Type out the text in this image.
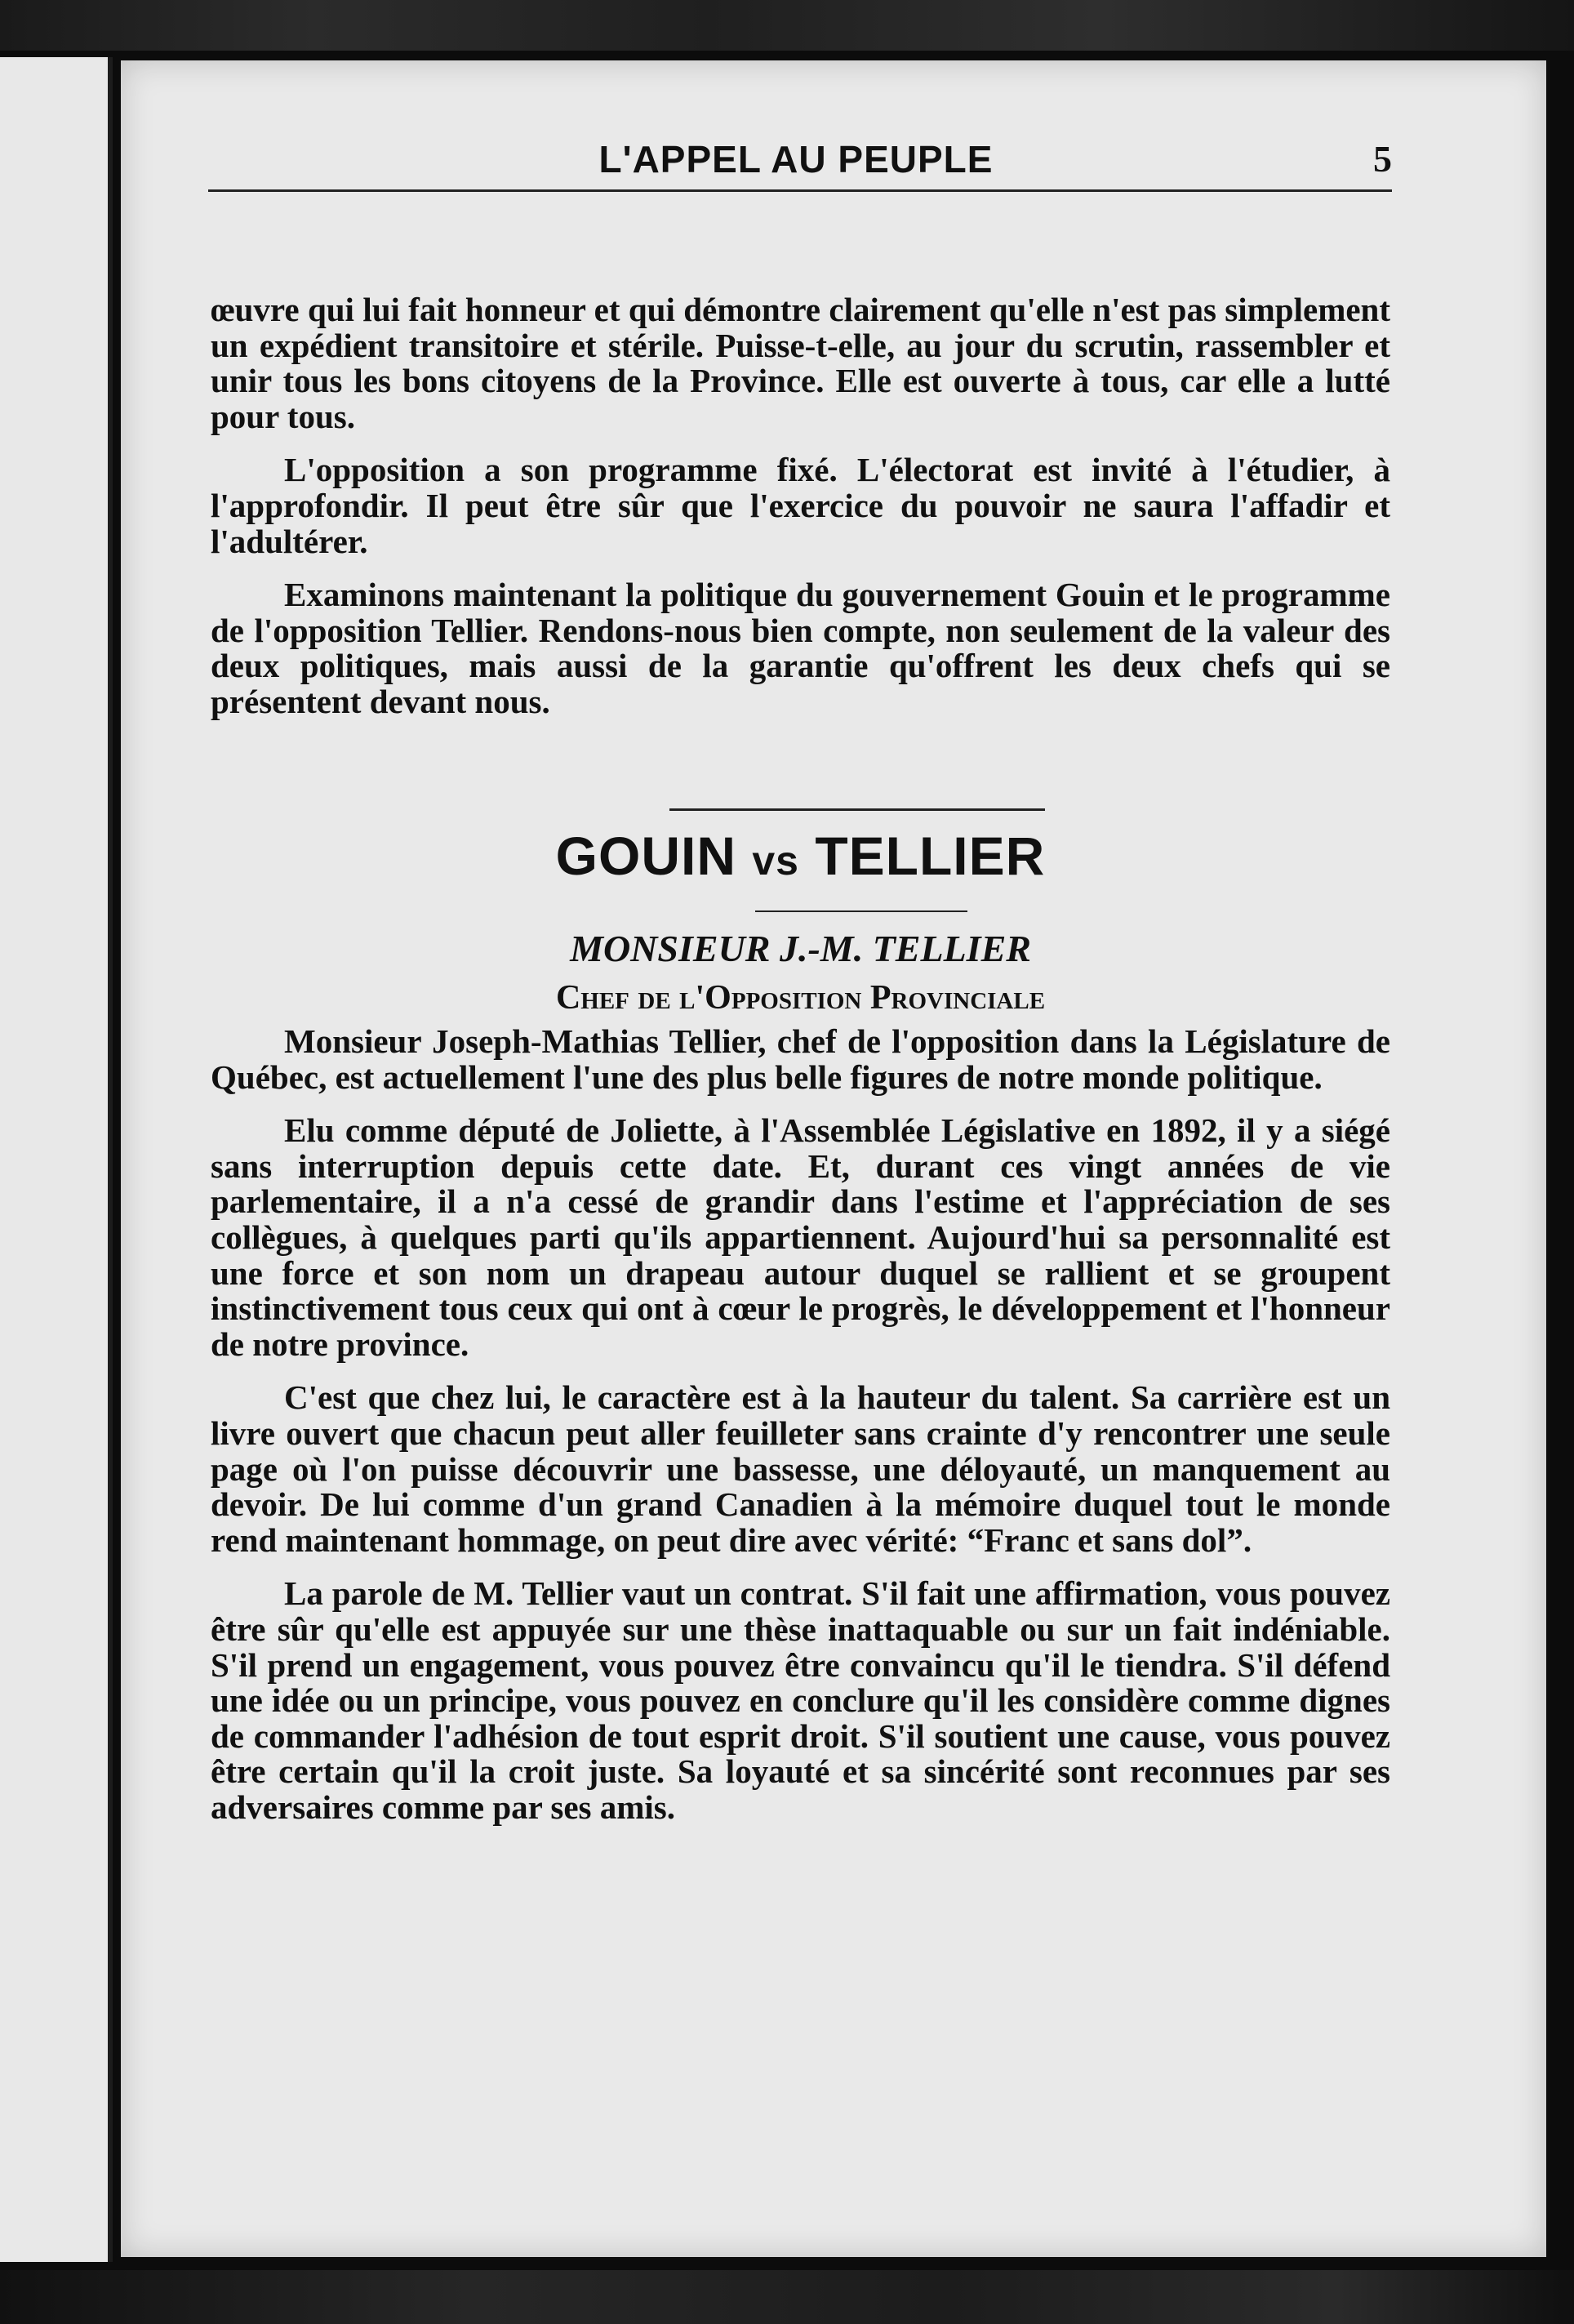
L'APPEL AU PEUPLE	5

œuvre qui lui fait honneur et qui démontre clairement qu'elle n'est pas simplement un expédient transitoire et stérile. Puisse-t-elle, au jour du scrutin, rassembler et unir tous les bons citoyens de la Province. Elle est ouverte à tous, car elle a lutté pour tous.

L'opposition a son programme fixé. L'électorat est invité à l'étudier, à l'approfondir. Il peut être sûr que l'exercice du pouvoir ne saura l'affadir et l'adultérer.

Examinons maintenant la politique du gouvernement Gouin et le programme de l'opposition Tellier. Rendons-nous bien compte, non seulement de la valeur des deux politiques, mais aussi de la garantie qu'offrent les deux chefs qui se présentent devant nous.

GOUIN vs TELLIER
MONSIEUR J.-M. TELLIER
Chef de l'Opposition Provinciale

Monsieur Joseph-Mathias Tellier, chef de l'opposition dans la Législature de Québec, est actuellement l'une des plus belle figures de notre monde politique.

Elu comme député de Joliette, à l'Assemblée Législative en 1892, il y a siégé sans interruption depuis cette date. Et, durant ces vingt années de vie parlementaire, il a n'a cessé de grandir dans l'estime et l'appréciation de ses collègues, à quelques parti qu'ils appartiennent. Aujourd'hui sa personnalité est une force et son nom un drapeau autour duquel se rallient et se groupent instinctivement tous ceux qui ont à cœur le progrès, le développement et l'honneur de notre province.

C'est que chez lui, le caractère est à la hauteur du talent. Sa carrière est un livre ouvert que chacun peut aller feuilleter sans crainte d'y rencontrer une seule page où l'on puisse découvrir une bassesse, une déloyauté, un manquement au devoir. De lui comme d'un grand Canadien à la mémoire duquel tout le monde rend maintenant hommage, on peut dire avec vérité: “Franc et sans dol”.

La parole de M. Tellier vaut un contrat. S'il fait une affirmation, vous pouvez être sûr qu'elle est appuyée sur une thèse inattaquable ou sur un fait indéniable. S'il prend un engagement, vous pouvez être convaincu qu'il le tiendra. S'il défend une idée ou un principe, vous pouvez en conclure qu'il les considère comme dignes de commander l'adhésion de tout esprit droit. S'il soutient une cause, vous pouvez être certain qu'il la croit juste. Sa loyauté et sa sincérité sont reconnues par ses adversaires comme par ses amis.
